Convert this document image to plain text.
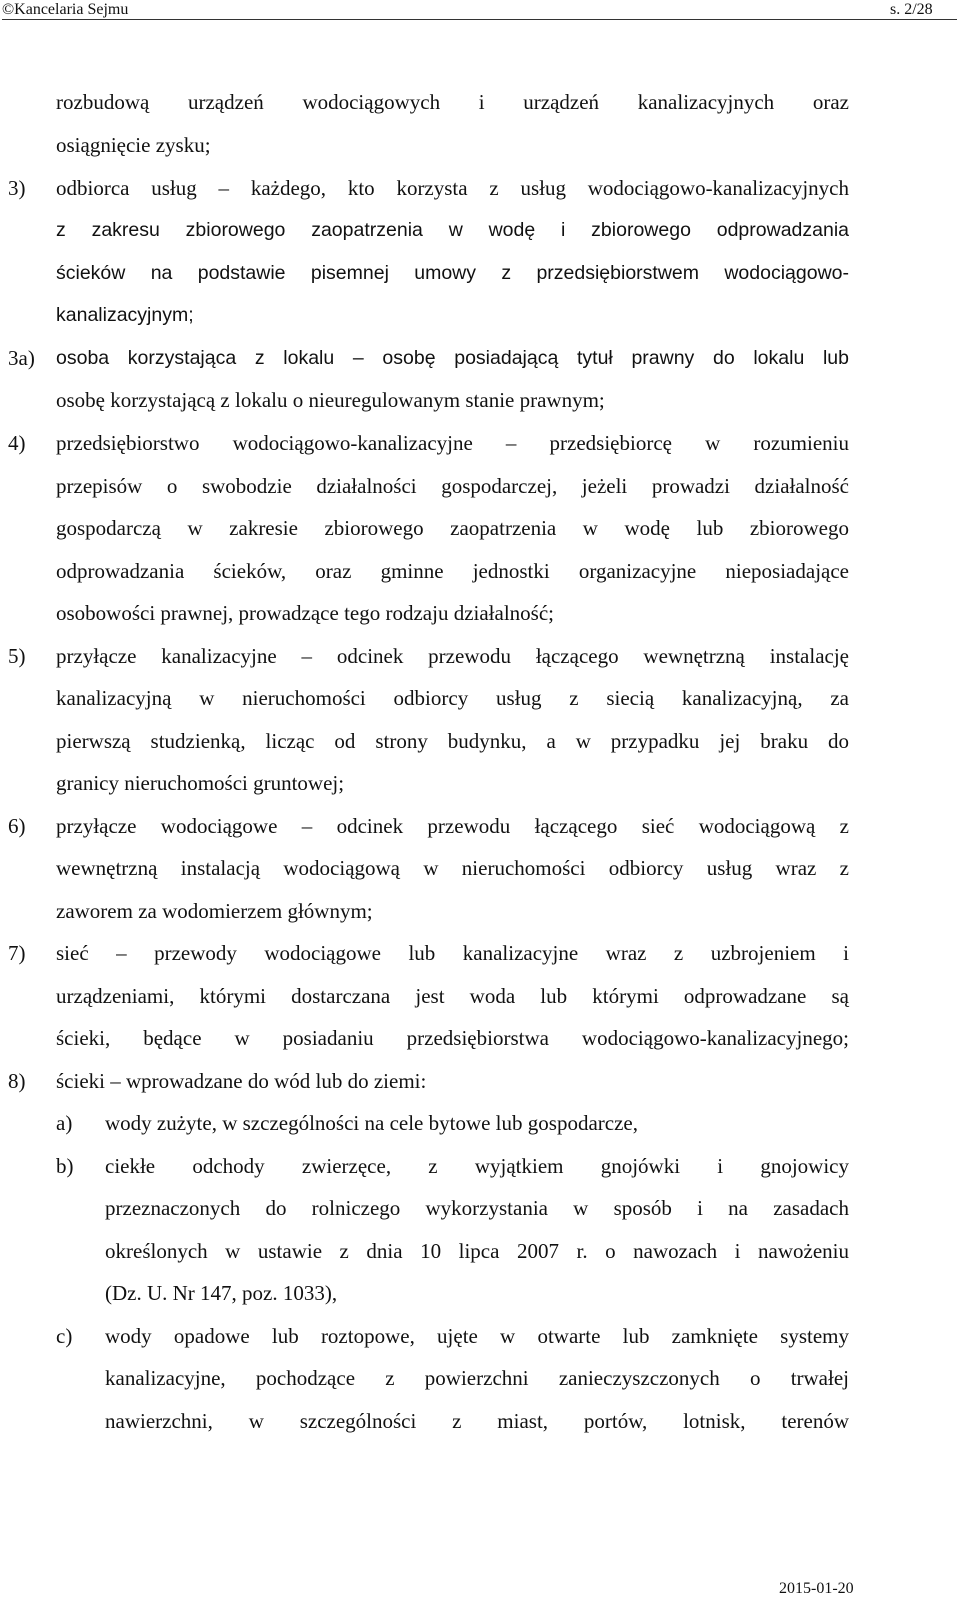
©Kancelaria Sejmu	s. 2/28
rozbudową urządzeń wodociągowych i urządzeń kanalizacyjnych oraz
osiągnięcie zysku;
3) odbiorca usług – każdego, kto korzysta z usług wodociągowo-kanalizacyjnych
z zakresu zbiorowego zaopatrzenia w wodę i zbiorowego odprowadzania
ścieków na podstawie pisemnej umowy z przedsiębiorstwem wodociągowo-
kanalizacyjnym;
3a) osoba korzystająca z lokalu – osobę posiadającą tytuł prawny do lokalu lub
osobę korzystającą z lokalu o nieuregulowanym stanie prawnym;
4) przedsiębiorstwo wodociągowo-kanalizacyjne – przedsiębiorcę w rozumieniu
przepisów o swobodzie działalności gospodarczej, jeżeli prowadzi działalność
gospodarczą w zakresie zbiorowego zaopatrzenia w wodę lub zbiorowego
odprowadzania ścieków, oraz gminne jednostki organizacyjne nieposiadające
osobowości prawnej, prowadzące tego rodzaju działalność;
5) przyłącze kanalizacyjne – odcinek przewodu łączącego wewnętrzną instalację
kanalizacyjną w nieruchomości odbiorcy usług z siecią kanalizacyjną, za
pierwszą studzienką, licząc od strony budynku, a w przypadku jej braku do
granicy nieruchomości gruntowej;
6) przyłącze wodociągowe – odcinek przewodu łączącego sieć wodociągową z
wewnętrzną instalacją wodociągową w nieruchomości odbiorcy usług wraz z
zaworem za wodomierzem głównym;
7) sieć – przewody wodociągowe lub kanalizacyjne wraz z uzbrojeniem i
urządzeniami, którymi dostarczana jest woda lub którymi odprowadzane są
ścieki, będące w posiadaniu przedsiębiorstwa wodociągowo-kanalizacyjnego;
8) ścieki – wprowadzane do wód lub do ziemi:
a) wody zużyte, w szczególności na cele bytowe lub gospodarcze,
b) ciekłe odchody zwierzęce, z wyjątkiem gnojówki i gnojowicy
przeznaczonych do rolniczego wykorzystania w sposób i na zasadach
określonych w ustawie z dnia 10 lipca 2007 r. o nawozach i nawożeniu
(Dz. U. Nr 147, poz. 1033),
c) wody opadowe lub roztopowe, ujęte w otwarte lub zamknięte systemy
kanalizacyjne, pochodzące z powierzchni zanieczyszczonych o trwałej
nawierzchni, w szczególności z miast, portów, lotnisk, terenów
2015-01-20
